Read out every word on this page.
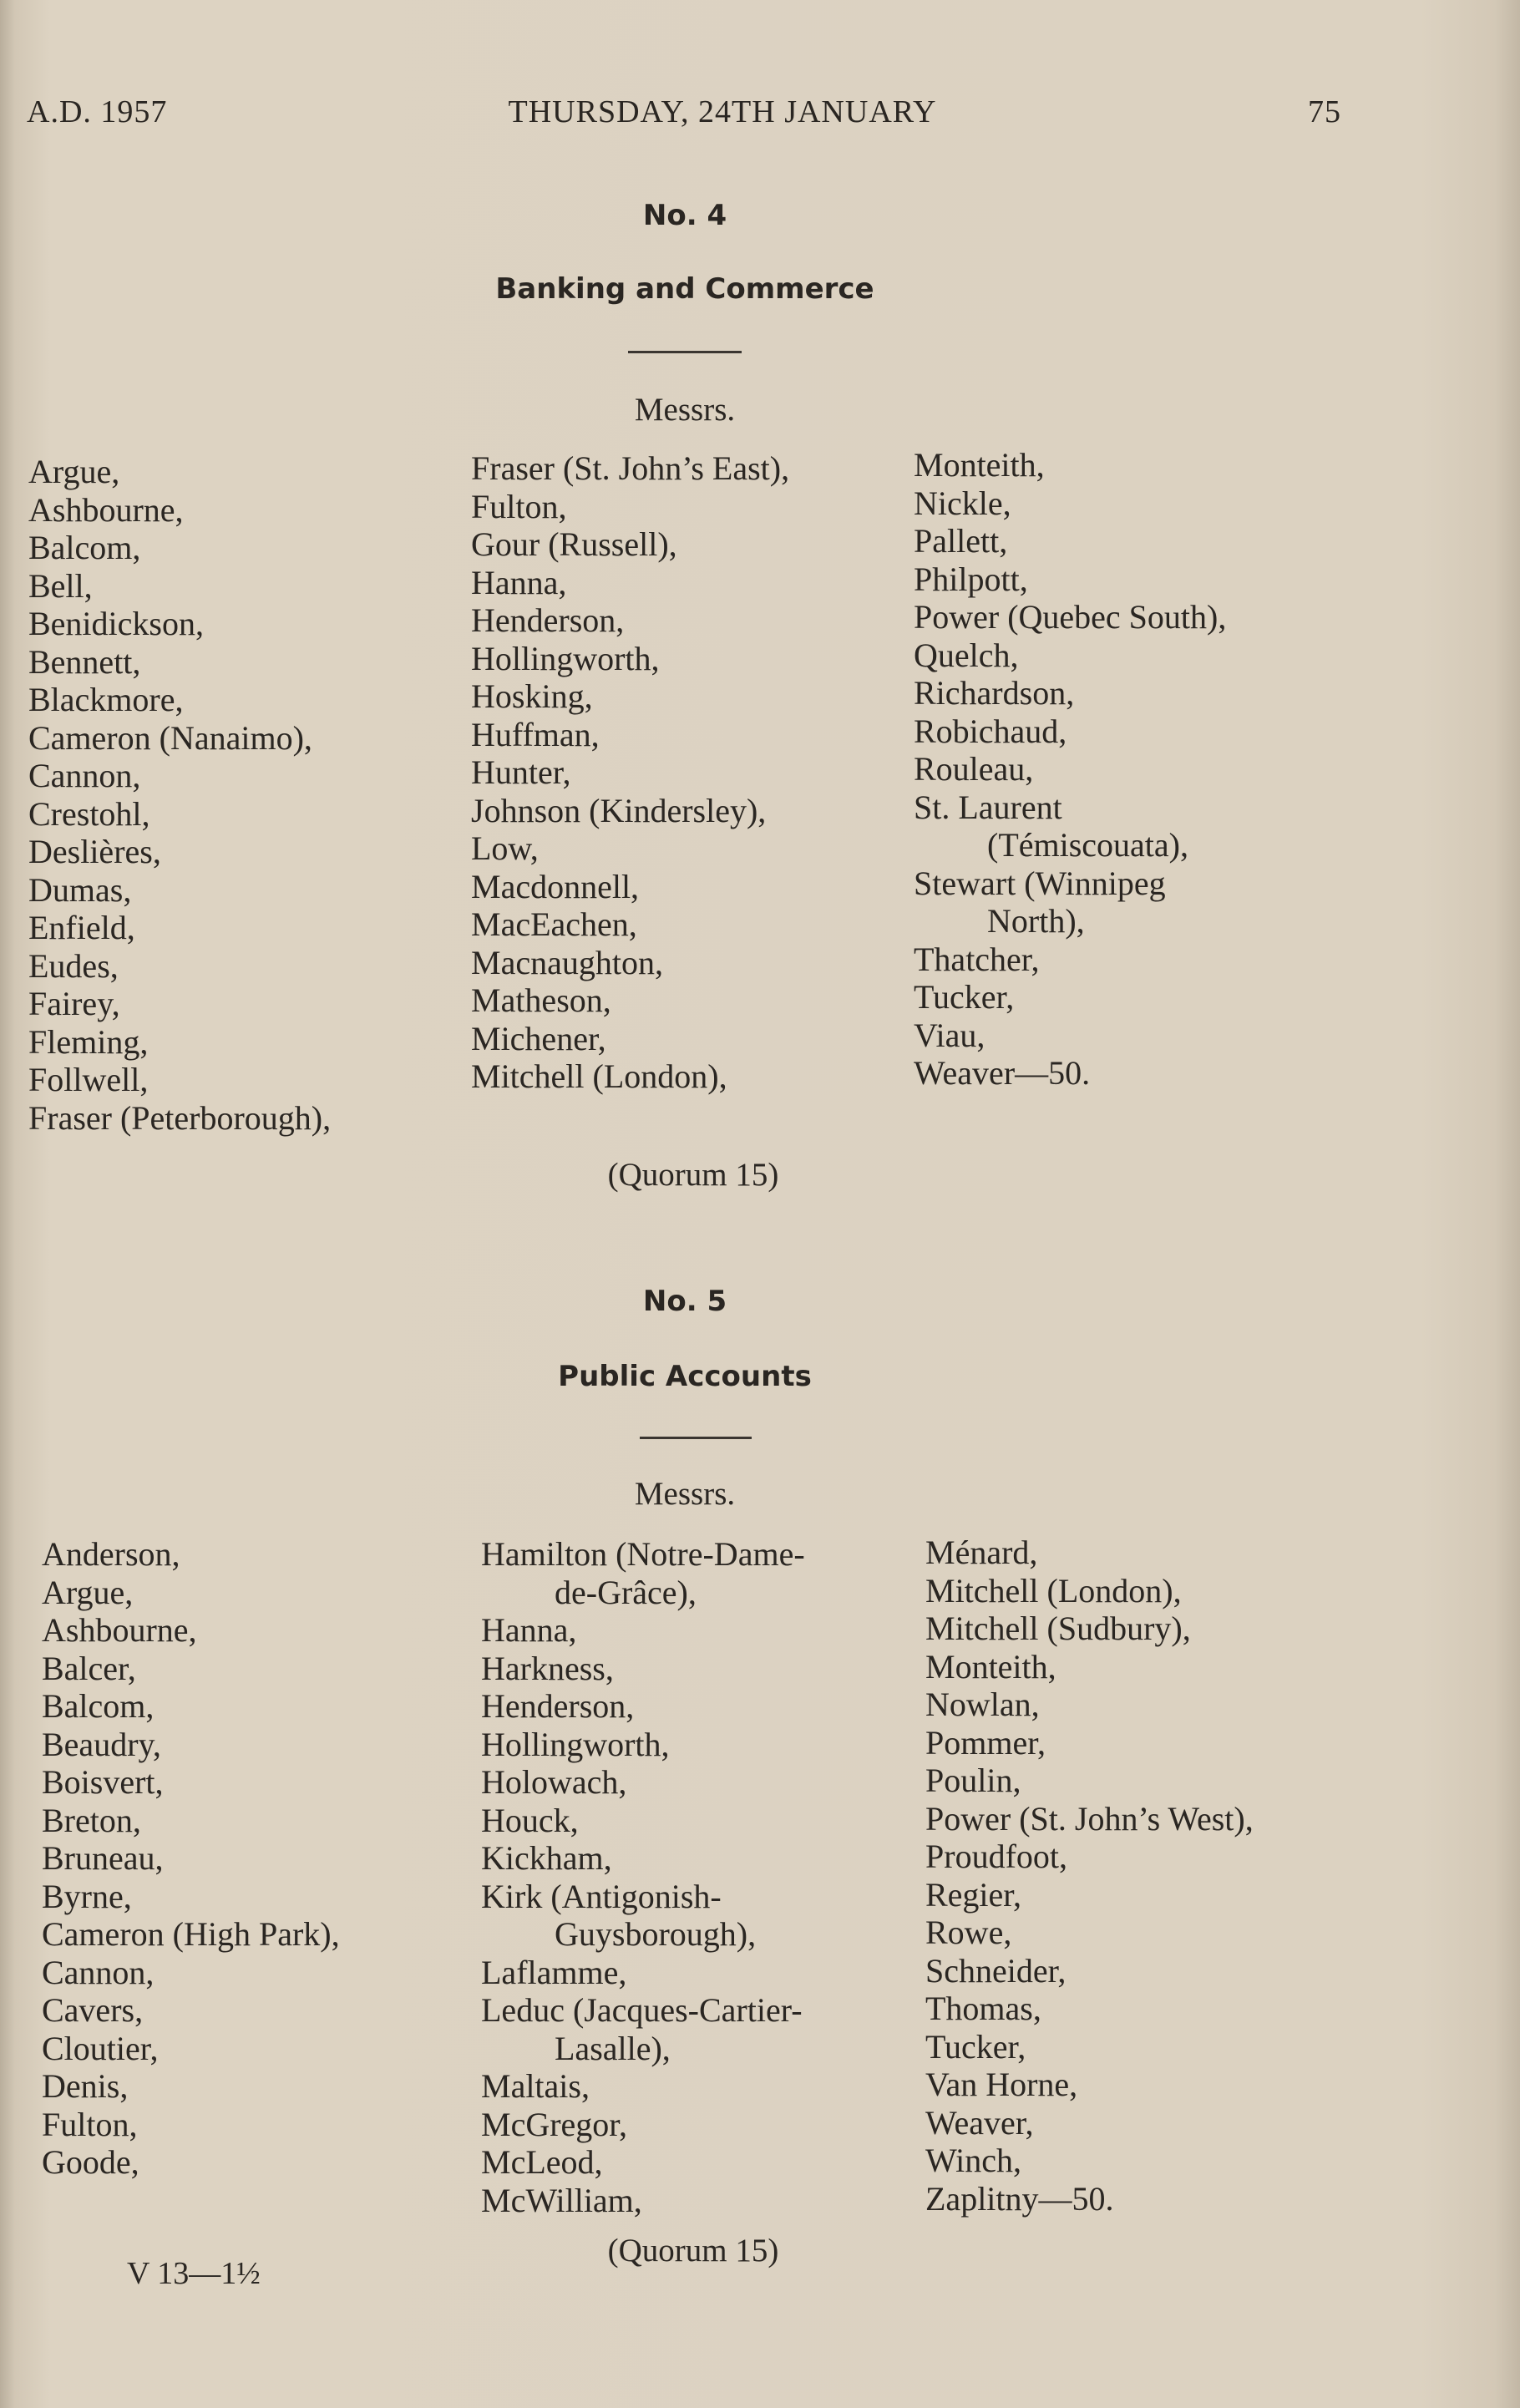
A.D. 1957	THURSDAY, 24TH JANUARY	75
No. 4
Banking and Commerce
Messrs.
Argue,
Ashbourne,
Balcom,
Bell,
Benidickson,
Bennett,
Blackmore,
Cameron (Nanaimo),
Cannon,
Crestohl,
Deslières,
Dumas,
Enfield,
Eudes,
Fairey,
Fleming,
Follwell,
Fraser (Peterborough),
Fraser (St. John’s East),
Fulton,
Gour (Russell),
Hanna,
Henderson,
Hollingworth,
Hosking,
Huffman,
Hunter,
Johnson (Kindersley),
Low,
Macdonnell,
MacEachen,
Macnaughton,
Matheson,
Michener,
Mitchell (London),
Monteith,
Nickle,
Pallett,
Philpott,
Power (Quebec South),
Quelch,
Richardson,
Robichaud,
Rouleau,
St. Laurent
(Témiscouata),
Stewart (Winnipeg
North),
Thatcher,
Tucker,
Viau,
Weaver—50.
(Quorum 15)
No. 5
Public Accounts
Messrs.
Anderson,
Argue,
Ashbourne,
Balcer,
Balcom,
Beaudry,
Boisvert,
Breton,
Bruneau,
Byrne,
Cameron (High Park),
Cannon,
Cavers,
Cloutier,
Denis,
Fulton,
Goode,
Hamilton (Notre-Dame-
de-Grâce),
Hanna,
Harkness,
Henderson,
Hollingworth,
Holowach,
Houck,
Kickham,
Kirk (Antigonish-
Guysborough),
Laflamme,
Leduc (Jacques-Cartier-
Lasalle),
Maltais,
McGregor,
McLeod,
McWilliam,
Ménard,
Mitchell (London),
Mitchell (Sudbury),
Monteith,
Nowlan,
Pommer,
Poulin,
Power (St. John’s West),
Proudfoot,
Regier,
Rowe,
Schneider,
Thomas,
Tucker,
Van Horne,
Weaver,
Winch,
Zaplitny—50.
(Quorum 15)
V 13—1½
